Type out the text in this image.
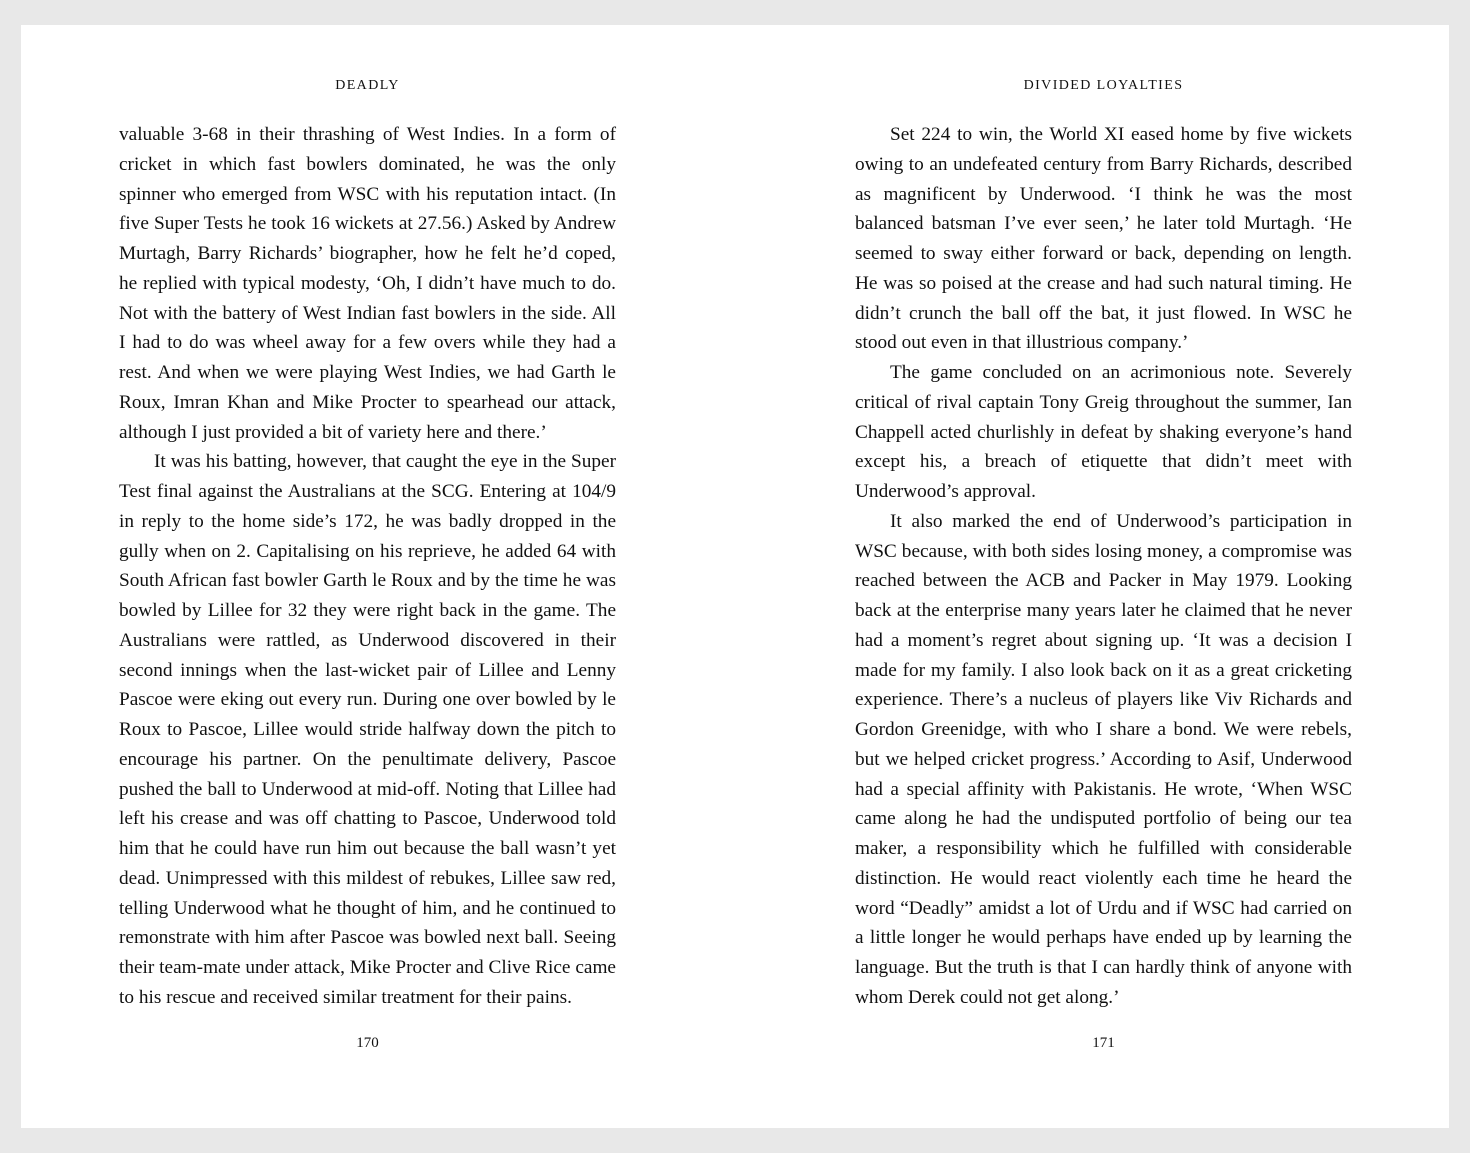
DEADLY

valuable 3-68 in their thrashing of West Indies. In a form of cricket in which fast bowlers dominated, he was the only spinner who emerged from WSC with his reputation intact. (In five Super Tests he took 16 wickets at 27.56.) Asked by Andrew Murtagh, Barry Richards’ biographer, how he felt he’d coped, he replied with typical modesty, ‘Oh, I didn’t have much to do. Not with the battery of West Indian fast bowlers in the side. All I had to do was wheel away for a few overs while they had a rest. And when we were playing West Indies, we had Garth le Roux, Imran Khan and Mike Procter to spearhead our attack, although I just provided a bit of variety here and there.’

It was his batting, however, that caught the eye in the Super Test final against the Australians at the SCG. Entering at 104/9 in reply to the home side’s 172, he was badly dropped in the gully when on 2. Capitalising on his reprieve, he added 64 with South African fast bowler Garth le Roux and by the time he was bowled by Lillee for 32 they were right back in the game. The Australians were rattled, as Underwood discovered in their second innings when the last-wicket pair of Lillee and Lenny Pascoe were eking out every run. During one over bowled by le Roux to Pascoe, Lillee would stride halfway down the pitch to encourage his partner. On the penultimate delivery, Pascoe pushed the ball to Underwood at mid-off. Noting that Lillee had left his crease and was off chatting to Pascoe, Underwood told him that he could have run him out because the ball wasn’t yet dead. Unimpressed with this mildest of rebukes, Lillee saw red, telling Underwood what he thought of him, and he continued to remonstrate with him after Pascoe was bowled next ball. Seeing their team-mate under attack, Mike Procter and Clive Rice came to his rescue and received similar treatment for their pains.

170
DIVIDED LOYALTIES

Set 224 to win, the World XI eased home by five wickets owing to an undefeated century from Barry Richards, described as magnificent by Underwood. ‘I think he was the most balanced batsman I’ve ever seen,’ he later told Murtagh. ‘He seemed to sway either forward or back, depending on length. He was so poised at the crease and had such natural timing. He didn’t crunch the ball off the bat, it just flowed. In WSC he stood out even in that illustrious company.’

The game concluded on an acrimonious note. Severely critical of rival captain Tony Greig throughout the summer, Ian Chappell acted churlishly in defeat by shaking everyone’s hand except his, a breach of etiquette that didn’t meet with Underwood’s approval.

It also marked the end of Underwood’s participation in WSC because, with both sides losing money, a compromise was reached between the ACB and Packer in May 1979. Looking back at the enterprise many years later he claimed that he never had a moment’s regret about signing up. ‘It was a decision I made for my family. I also look back on it as a great cricketing experience. There’s a nucleus of players like Viv Richards and Gordon Greenidge, with who I share a bond. We were rebels, but we helped cricket progress.’ According to Asif, Underwood had a special affinity with Pakistanis. He wrote, ‘When WSC came along he had the undisputed portfolio of being our tea maker, a responsibility which he fulfilled with considerable distinction. He would react violently each time he heard the word “Deadly” amidst a lot of Urdu and if WSC had carried on a little longer he would perhaps have ended up by learning the language. But the truth is that I can hardly think of anyone with whom Derek could not get along.’

171
